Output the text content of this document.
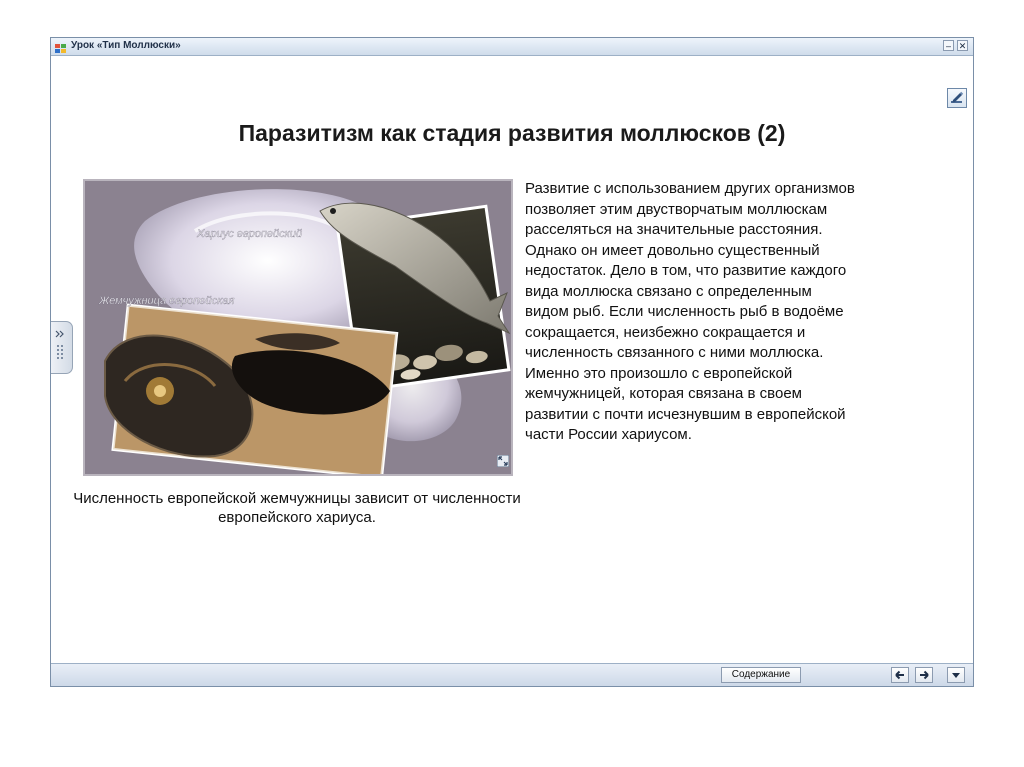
Урок «Тип Моллюски»	– ✕
Паразитизм как стадия развития моллюсков (2)
Хариус европейский
Жемчужница европейская
Численность европейской жемчужницы зависит от численности европейского хариуса.
Развитие с использованием других организмов
позволяет этим двустворчатым моллюскам
расселяться на значительные расстояния.
Однако он имеет довольно существенный
недостаток. Дело в том, что развитие каждого
вида моллюска связано с определенным
видом рыб. Если численность рыб в водоёме
сокращается, неизбежно сокращается и
численность связанного с ними моллюска.
Именно это произошло с европейской
жемчужницей, которая связана в своем
развитии с почти исчезнувшим в европейской
части России хариусом.
Содержание
